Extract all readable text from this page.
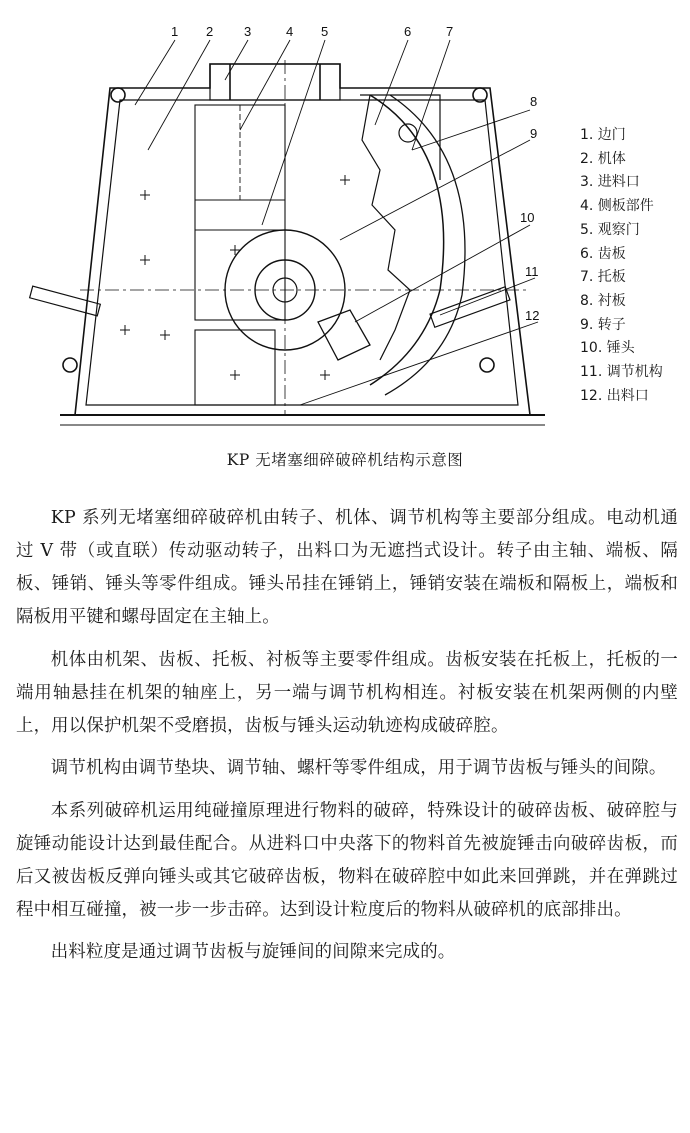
1 2 3	4 5	6	7
8
9
10
11
12
1. 边门
2. 机体
3. 进料口
4. 侧板部件
5. 观察门
6. 齿板
7. 托板
8. 衬板
9. 转子
10. 锤头
11. 调节机构
12. 出料口
KP 无堵塞细碎破碎机结构示意图

KP 系列无堵塞细碎破碎机由转子、机体、调节机构等主要部分组成。电动机通过 V 带（或直联）传动驱动转子，出料口为无遮挡式设计。转子由主轴、端板、隔板、锤销、锤头等零件组成。锤头吊挂在锤销上，锤销安装在端板和隔板上，端板和隔板用平键和螺母固定在主轴上。

机体由机架、齿板、托板、衬板等主要零件组成。齿板安装在托板上，托板的一端用轴悬挂在机架的轴座上，另一端与调节机构相连。衬板安装在机架两侧的内壁上，用以保护机架不受磨损，齿板与锤头运动轨迹构成破碎腔。

调节机构由调节垫块、调节轴、螺杆等零件组成，用于调节齿板与锤头的间隙。

本系列破碎机运用纯碰撞原理进行物料的破碎，特殊设计的破碎齿板、破碎腔与旋锤动能设计达到最佳配合。从进料口中央落下的物料首先被旋锤击向破碎齿板，而后又被齿板反弹向锤头或其它破碎齿板，物料在破碎腔中如此来回弹跳，并在弹跳过程中相互碰撞，被一步一步击碎。达到设计粒度后的物料从破碎机的底部排出。

出料粒度是通过调节齿板与旋锤间的间隙来完成的。
